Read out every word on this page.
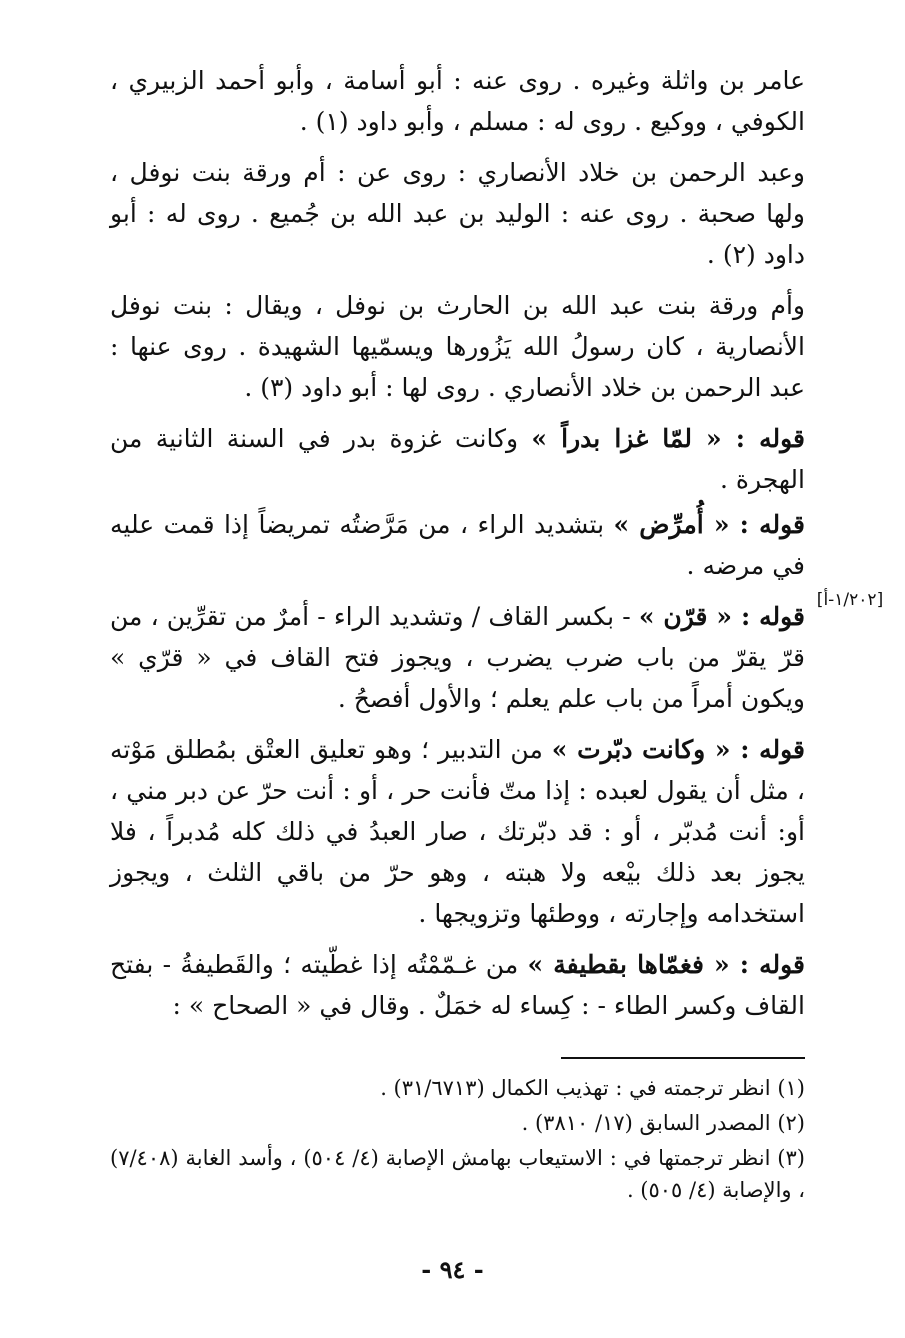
عامر بن واثلة وغيره . روى عنه : أبو أسامة ، وأبو أحمد الزبيري ، الكوفي ، ووكيع . روى له : مسلم ، وأبو داود (١) .

وعبد الرحمن بن خلاد الأنصاري : روى عن : أم ورقة بنت نوفل ، ولها صحبة . روى عنه : الوليد بن عبد الله بن جُميع . روى له : أبو داود (٢) .

وأم ورقة بنت عبد الله بن الحارث بن نوفل ، ويقال : بنت نوفل الأنصارية ، كان رسولُ الله يَزُورها ويسمّيها الشهيدة . روى عنها : عبد الرحمن بن خلاد الأنصاري . روى لها : أبو داود (٣) .

قوله : « لمّا غزا بدراً » وكانت غزوة بدر في السنة الثانية من الهجرة .

قوله : « أُمرِّض » بتشديد الراء ، من مَرَّضتُه تمريضاً إذا قمت عليه في مرضه .

قوله : « قرّن » - بكسر القاف / وتشديد الراء - أمرٌ من تقرِّين ، من قرّ يقرّ من باب ضرب يضرب ، ويجوز فتح القاف في « قرّي » ويكون أمراً من باب علم يعلم ؛ والأول أفصحُ .

قوله : « وكانت دبّرت » من التدبير ؛ وهو تعليق العتْق بمُطلق مَوْته ، مثل أن يقول لعبده : إذا متّ فأنت حر ، أو : أنت حرّ عن دبر مني ، أو: أنت مُدبّر ، أو : قد دبّرتك ، صار العبدُ في ذلك كله مُدبراً ، فلا يجوز بعد ذلك بيْعه ولا هبته ، وهو حرّ من باقي الثلث ، ويجوز استخدامه وإجارته ، ووطئها وتزويجها .

قوله : « فغمّاها بقطيفة » من غـمّمْتُه إذا غطّيته ؛ والقَطيفةُ - بفتح القاف وكسر الطاء - : كِساء له خمَلٌ . وقال في « الصحاح » :

[١/٢٠٢-أ]

(١) انظر ترجمته في : تهذيب الكمال (٣١/٦٧١٣) .

(٢) المصدر السابق (١٧/ ٣٨١٠) .

(٣) انظر ترجمتها في : الاستيعاب بهامش الإصابة (٤/ ٥٠٤) ، وأسد الغابة (٧/٤٠٨) ، والإصابة (٤/ ٥٠٥) .

- ٩٤ -
